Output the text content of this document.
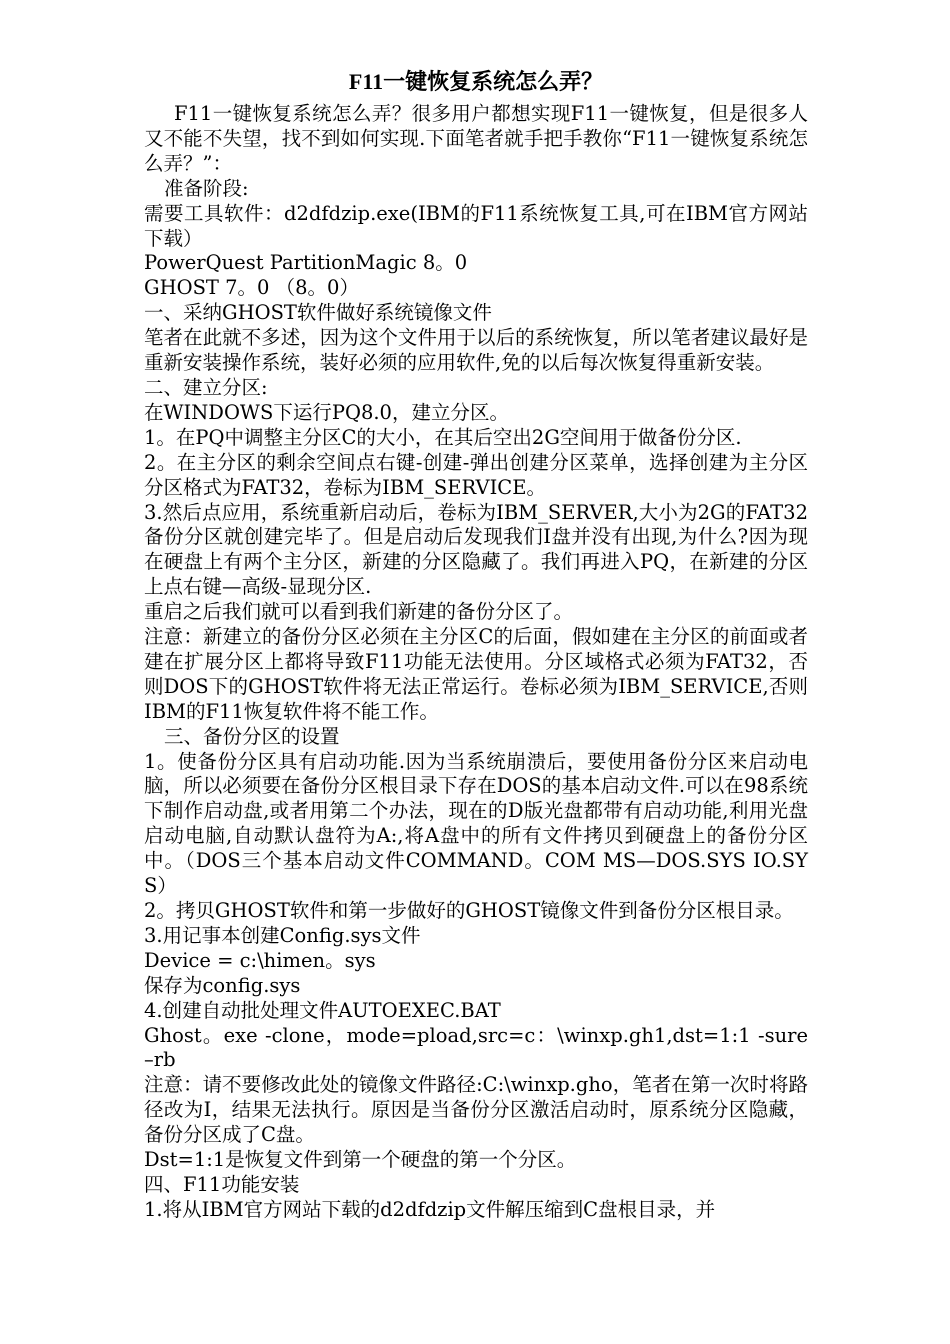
F11一键恢复系统怎么弄？

F11一键恢复系统怎么弄？很多用户都想实现F11一键恢复，但是很多人又不能不失望，找不到如何实现.下面笔者就手把手教你“F11一键恢复系统怎么弄？”：

准备阶段:

需要工具软件：d2dfdzip.exe(IBM的F11系统恢复工具,可在IBM官方网站下载）

PowerQuest PartitionMagic 8。0

GHOST 7。0 （8。0）

一、采纳GHOST软件做好系统镜像文件

笔者在此就不多述，因为这个文件用于以后的系统恢复，所以笔者建议最好是重新安装操作系统，装好必须的应用软件,免的以后每次恢复得重新安装。

二、建立分区:

在WINDOWS下运行PQ8.0，建立分区。

1。在PQ中调整主分区C的大小，在其后空出2G空间用于做备份分区.

2。在主分区的剩余空间点右键-创建-弹出创建分区菜单，选择创建为主分区分区格式为FAT32，卷标为IBM_SERVICE。

3.然后点应用，系统重新启动后，卷标为IBM_SERVER,大小为2G的FAT32备份分区就创建完毕了。但是启动后发现我们I盘并没有出现,为什么?因为现在硬盘上有两个主分区，新建的分区隐藏了。我们再进入PQ，在新建的分区上点右键—高级-显现分区.

重启之后我们就可以看到我们新建的备份分区了。

注意：新建立的备份分区必须在主分区C的后面，假如建在主分区的前面或者建在扩展分区上都将导致F11功能无法使用。分区域格式必须为FAT32，否则DOS下的GHOST软件将无法正常运行。卷标必须为IBM_SERVICE,否则IBM的F11恢复软件将不能工作。

三、备份分区的设置

1。使备份分区具有启动功能.因为当系统崩溃后，要使用备份分区来启动电脑，所以必须要在备份分区根目录下存在DOS的基本启动文件.可以在98系统下制作启动盘,或者用第二个办法，现在的D版光盘都带有启动功能,利用光盘启动电脑,自动默认盘符为A:,将A盘中的所有文件拷贝到硬盘上的备份分区中。（DOS三个基本启动文件COMMAND。COM MS—DOS.SYS IO.SYS）

2。拷贝GHOST软件和第一步做好的GHOST镜像文件到备份分区根目录。

3.用记事本创建Config.sys文件

Device = c:\himen。sys

保存为config.sys

4.创建自动批处理文件AUTOEXEC.BAT

Ghost。exe -clone，mode=pload,src=c：\winxp.gh1,dst=1:1 -sure –rb

注意：请不要修改此处的镜像文件路径:C:\winxp.gho，笔者在第一次时将路径改为I，结果无法执行。原因是当备份分区激活启动时，原系统分区隐藏，备份分区成了C盘。

Dst=1:1是恢复文件到第一个硬盘的第一个分区。

四、F11功能安装

1.将从IBM官方网站下载的d2dfdzip文件解压缩到C盘根目录，并
